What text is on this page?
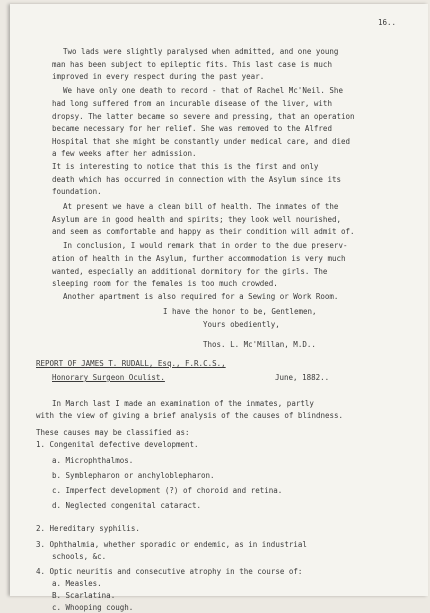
16..
Two lads were slightly paralysed when admitted, and one young
man has been subject to epileptic fits. This last case is much
improved in every respect during the past year.
We have only one death to record - that of Rachel Mc'Neil. She
had long suffered from an incurable disease of the liver, with
dropsy. The latter became so severe and pressing, that an operation
became necessary for her relief. She was removed to the Alfred
Hospital that she might be constantly under medical care, and died
a few weeks after her admission.
It is interesting to notice that this is the first and only
death which has occurred in connection with the Asylum since its
foundation.
At present we have a clean bill of health. The inmates of the
Asylum are in good health and spirits; they look well nourished,
and seem as comfortable and happy as their condition will admit of.
In conclusion, I would remark that in order to the due preserv-
ation of health in the Asylum, further accommodation is very much
wanted, especially an additional dormitory for the girls. The
sleeping room for the females is too much crowded.
Another apartment is also required for a Sewing or Work Room.
I have the honor to be, Gentlemen,
Yours obediently,
Thos. L. Mc'Millan, M.D..
REPORT OF JAMES T. RUDALL, Esq., F.R.C.S.,
Honorary Surgeon Oculist.	June, 1882..
In March last I made an examination of the inmates, partly
with the view of giving a brief analysis of the causes of blindness.
These causes may be classified as:
1. Congenital defective development.
a. Microphthalmos.
b. Symblepharon or anchyloblepharon.
c. Imperfect development (?) of choroid and retina.
d. Neglected congenital cataract.
2. Hereditary syphilis.
3. Ophthalmia, whether sporadic or endemic, as in industrial
schools, &c.
4. Optic neuritis and consecutive atrophy in the course of:
a. Measles.
B. Scarlatina.
c. Whooping cough.
